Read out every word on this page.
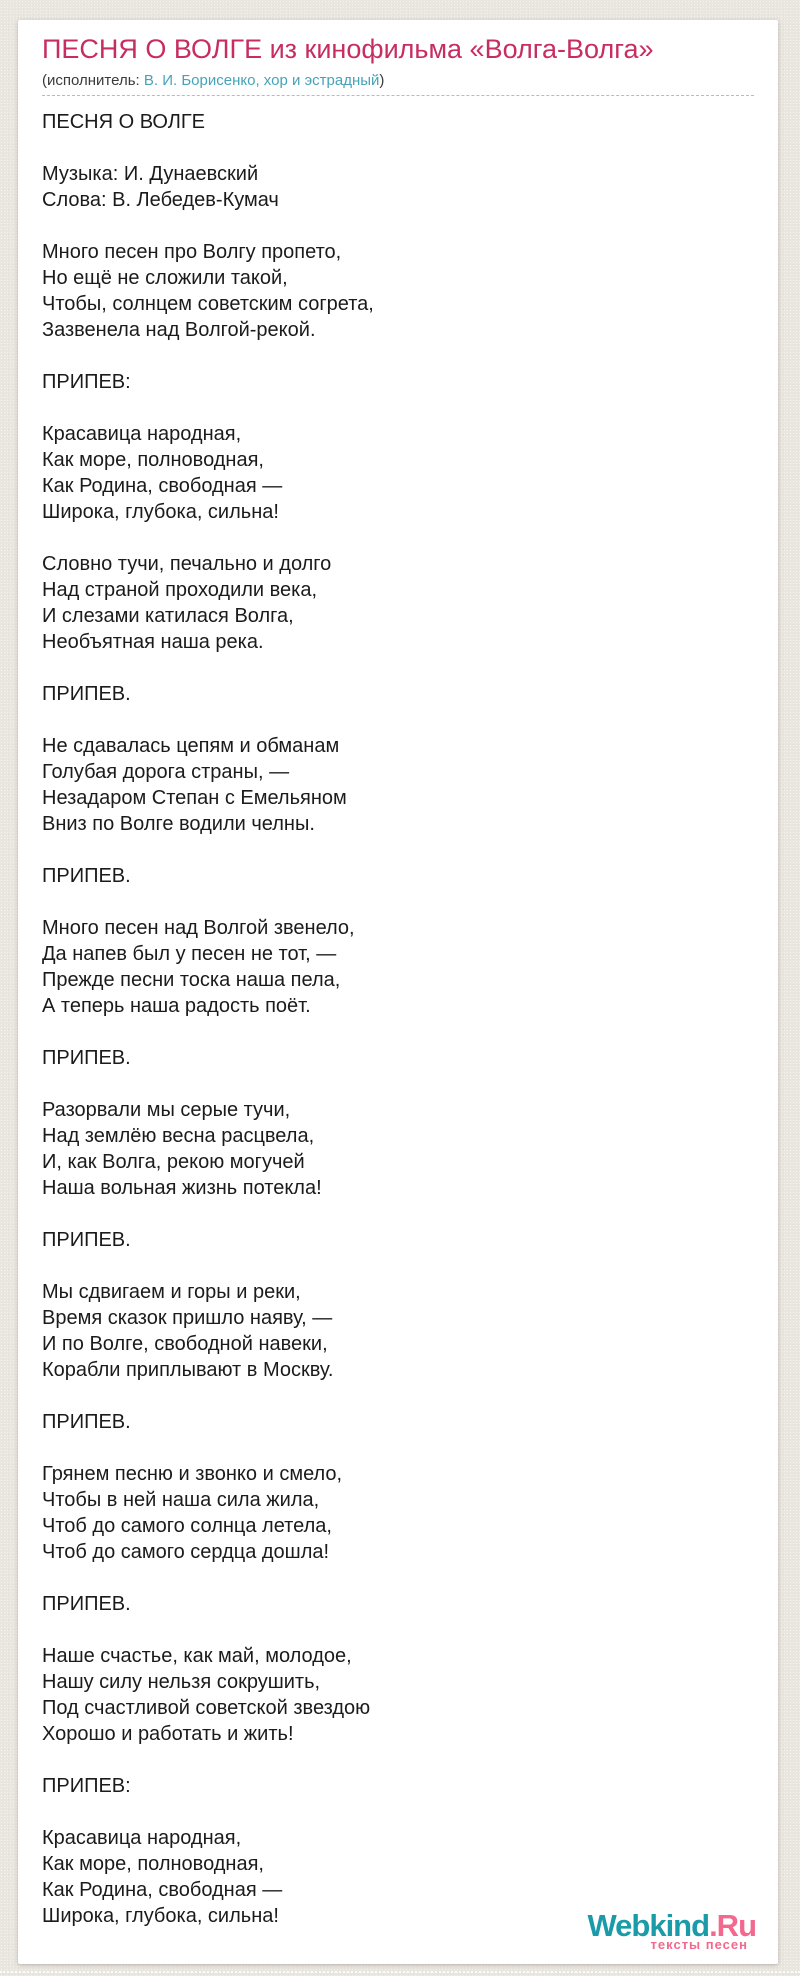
ПЕСНЯ О ВОЛГЕ из кинофильма «Волга-Волга»
(исполнитель: В. И. Борисенко, хор и эстрадный)
ПЕСНЯ О ВОЛГЕ
Музыка: И. Дунаевский
Слова: В. Лебедев-Кумач
Много песен про Волгу пропето,
Но ещё не сложили такой,
Чтобы, солнцем советским согрета,
Зазвенела над Волгой-рекой.
ПРИПЕВ:
Красавица народная,
Как море, полноводная,
Как Родина, свободная —
Широка, глубока, сильна!
Словно тучи, печально и долго
Над страной проходили века,
И слезами катилася Волга,
Необъятная наша река.
ПРИПЕВ.
Не сдавалась цепям и обманам
Голубая дорога страны, —
Незадаром Степан с Емельяном
Вниз по Волге водили челны.
ПРИПЕВ.
Много песен над Волгой звенело,
Да напев был у песен не тот, —
Прежде песни тоска наша пела,
А теперь наша радость поёт.
ПРИПЕВ.
Разорвали мы серые тучи,
Над землёю весна расцвела,
И, как Волга, рекою могучей
Наша вольная жизнь потекла!
ПРИПЕВ.
Мы сдвигаем и горы и реки,
Время сказок пришло наяву, —
И по Волге, свободной навеки,
Корабли приплывают в Москву.
ПРИПЕВ.
Грянем песню и звонко и смело,
Чтобы в ней наша сила жила,
Чтоб до самого солнца летела,
Чтоб до самого сердца дошла!
ПРИПЕВ.
Наше счастье, как май, молодое,
Нашу силу нельзя сокрушить,
Под счастливой советской звездою
Хорошо и работать и жить!
ПРИПЕВ:
Красавица народная,
Как море, полноводная,
Как Родина, свободная —
Широка, глубока, сильна!	Webkind.Ru
тексты песен
